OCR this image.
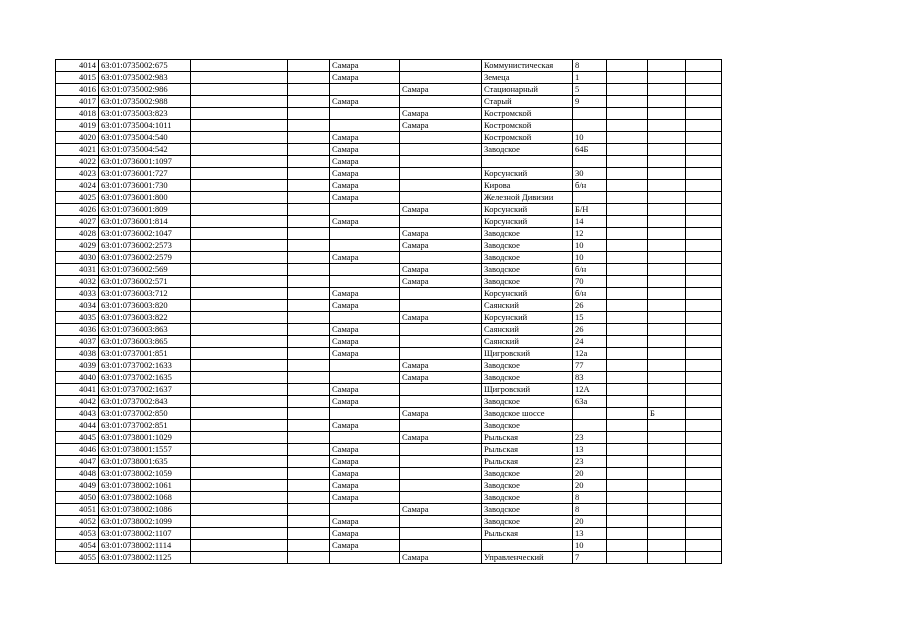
4014	63:01:0735002:675			Самара		Коммунистическая	8			
4015	63:01:0735002:983			Самара		Земеца	1			
4016	63:01:0735002:986				Самара	Стационарный	5			
4017	63:01:0735002:988			Самара		Старый	9			
4018	63:01:0735003:823				Самара	Костромской				
4019	63:01:0735004:1011				Самара	Костромской				
4020	63:01:0735004:540			Самара		Костромской	10			
4021	63:01:0735004:542			Самара		Заводское	64Б			
4022	63:01:0736001:1097			Самара						
4023	63:01:0736001:727			Самара		Корсунский	30			
4024	63:01:0736001:730			Самара		Кирова	б/н			
4025	63:01:0736001:800			Самара		Железной Дивизии				
4026	63:01:0736001:809				Самара	Корсунский	Б/Н			
4027	63:01:0736001:814			Самара		Корсунский	14			
4028	63:01:0736002:1047				Самара	Заводское	12			
4029	63:01:0736002:2573				Самара	Заводское	10			
4030	63:01:0736002:2579			Самара		Заводское	10			
4031	63:01:0736002:569				Самара	Заводское	б/н			
4032	63:01:0736002:571				Самара	Заводское	70			
4033	63:01:0736003:712			Самара		Корсунский	б/н			
4034	63:01:0736003:820			Самара		Саянский	26			
4035	63:01:0736003:822				Самара	Корсунский	15			
4036	63:01:0736003:863			Самара		Саянский	26			
4037	63:01:0736003:865			Самара		Саянский	24			
4038	63:01:0737001:851			Самара		Щигровский	12а			
4039	63:01:0737002:1633				Самара	Заводское	77			
4040	63:01:0737002:1635				Самара	Заводское	83			
4041	63:01:0737002:1637			Самара		Щигровский	12А			
4042	63:01:0737002:843			Самара		Заводское	63а			
4043	63:01:0737002:850				Самара	Заводское шоссе			Б	
4044	63:01:0737002:851			Самара		Заводское				
4045	63:01:0738001:1029				Самара	Рыльская	23			
4046	63:01:0738001:1557			Самара		Рыльская	13			
4047	63:01:0738001:635			Самара		Рыльская	23			
4048	63:01:0738002:1059			Самара		Заводское	20			
4049	63:01:0738002:1061			Самара		Заводское	20			
4050	63:01:0738002:1068			Самара		Заводское	8			
4051	63:01:0738002:1086				Самара	Заводское	8			
4052	63:01:0738002:1099			Самара		Заводское	20			
4053	63:01:0738002:1107			Самара		Рыльская	13			
4054	63:01:0738002:1114			Самара			10			
4055	63:01:0738002:1125				Самара	Управленческий	7			
